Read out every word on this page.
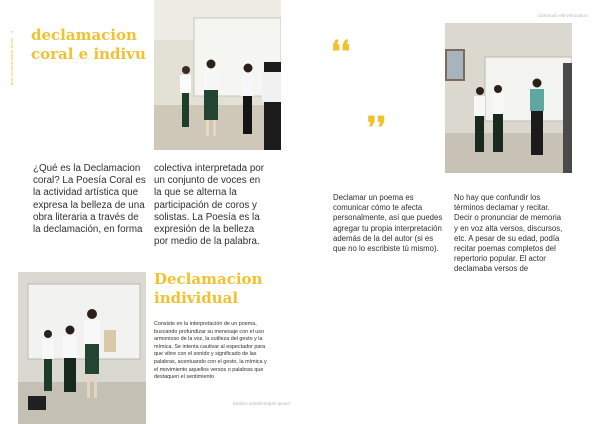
text ornamentique feuse · 4
commodo elit vehicula in
declamacion coral e indivu
¿Qué es la Declamacion coral? La Poesía Coral es la actividad artística que expresa la belleza de una obra literaria a través de la declamación, en forma
colectiva interpretada por un conjunto de voces en la que se alterna la participación de coros y solistas. La Poesía es la expresión de la belleza por medio de la palabra.
Declamacion individual
Consiste en la interpretación de un poema, buscando profundizar su menesaje con el uso armonioso de la voz, la sutileza del gesto y la mímica. Se intenta cautivar al espectador para que vibre con el sonido y significado de las palabras, acentuando con el gesto, la mímica y el movimiento aquellos versos o palabras que destaquen el sentimiento
facilisis condimentum ipsum
❛❛
❜❜
Declamar un poema es comunicar cómo te afecta personalmente, así que puedes agregar tu propia interpretación además de la del autor (si es que no lo escribiste tú mismo).
No hay que confundir los términos declamar y recitar. Decir o pronunciar de memoria y en voz alta versos, discursos, etc. A pesar de su edad, podía recitar poemas completos del repertorio popular. El actor declamaba versos de
